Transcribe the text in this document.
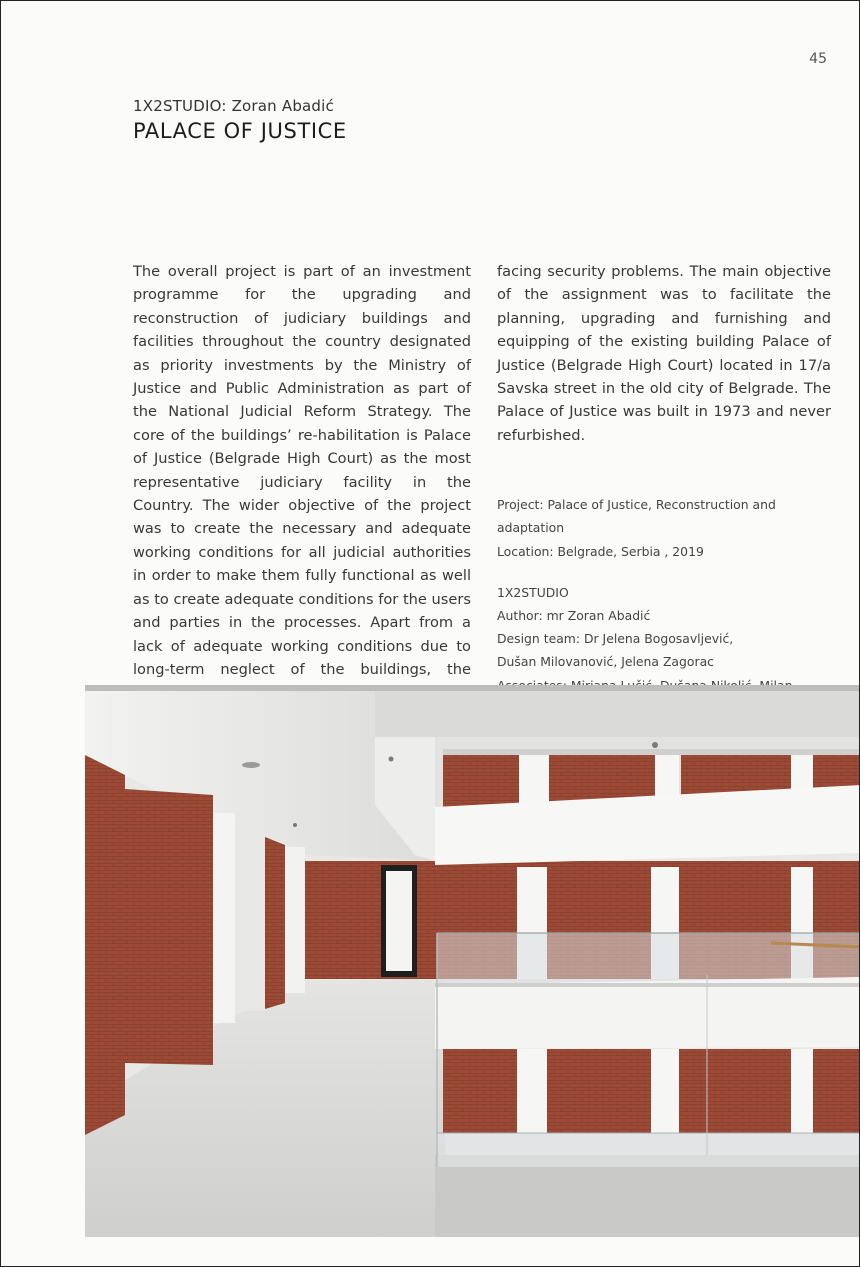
45
1X2STUDIO: Zoran Abadić
PALACE OF JUSTICE

The overall project is part of an investment programme for the upgrading and reconstruction of judiciary buildings and facilities throughout the country designated as priority investments by the Ministry of Justice and Public Administration as part of the National Judicial Reform Strategy. The core of the buildings’ re-habilitation is Palace of Justice (Belgrade High Court) as the most representative judiciary facility in the Country. The wider objective of the project was to create the necessary and adequate working conditions for all judicial authorities in order to make them fully functional as well as to create adequate conditions for the users and parties in the processes. Apart from a lack of adequate working conditions due to long-term neglect of the buildings, the

facing security problems. The main objective of the assignment was to facilitate the planning, upgrading and furnishing and equipping of the existing building Palace of Justice (Belgrade High Court) located in 17/a Savska street in the old city of Belgrade. The Palace of Justice was built in 1973 and never refurbished.

Project: Palace of Justice, Reconstruction and adaptation
Location: Belgrade, Serbia , 2019
1X2STUDIO
Author: mr Zoran Abadić
Design team: Dr Jelena Bogosavljević,
Dušan Milovanović, Jelena Zagorac
